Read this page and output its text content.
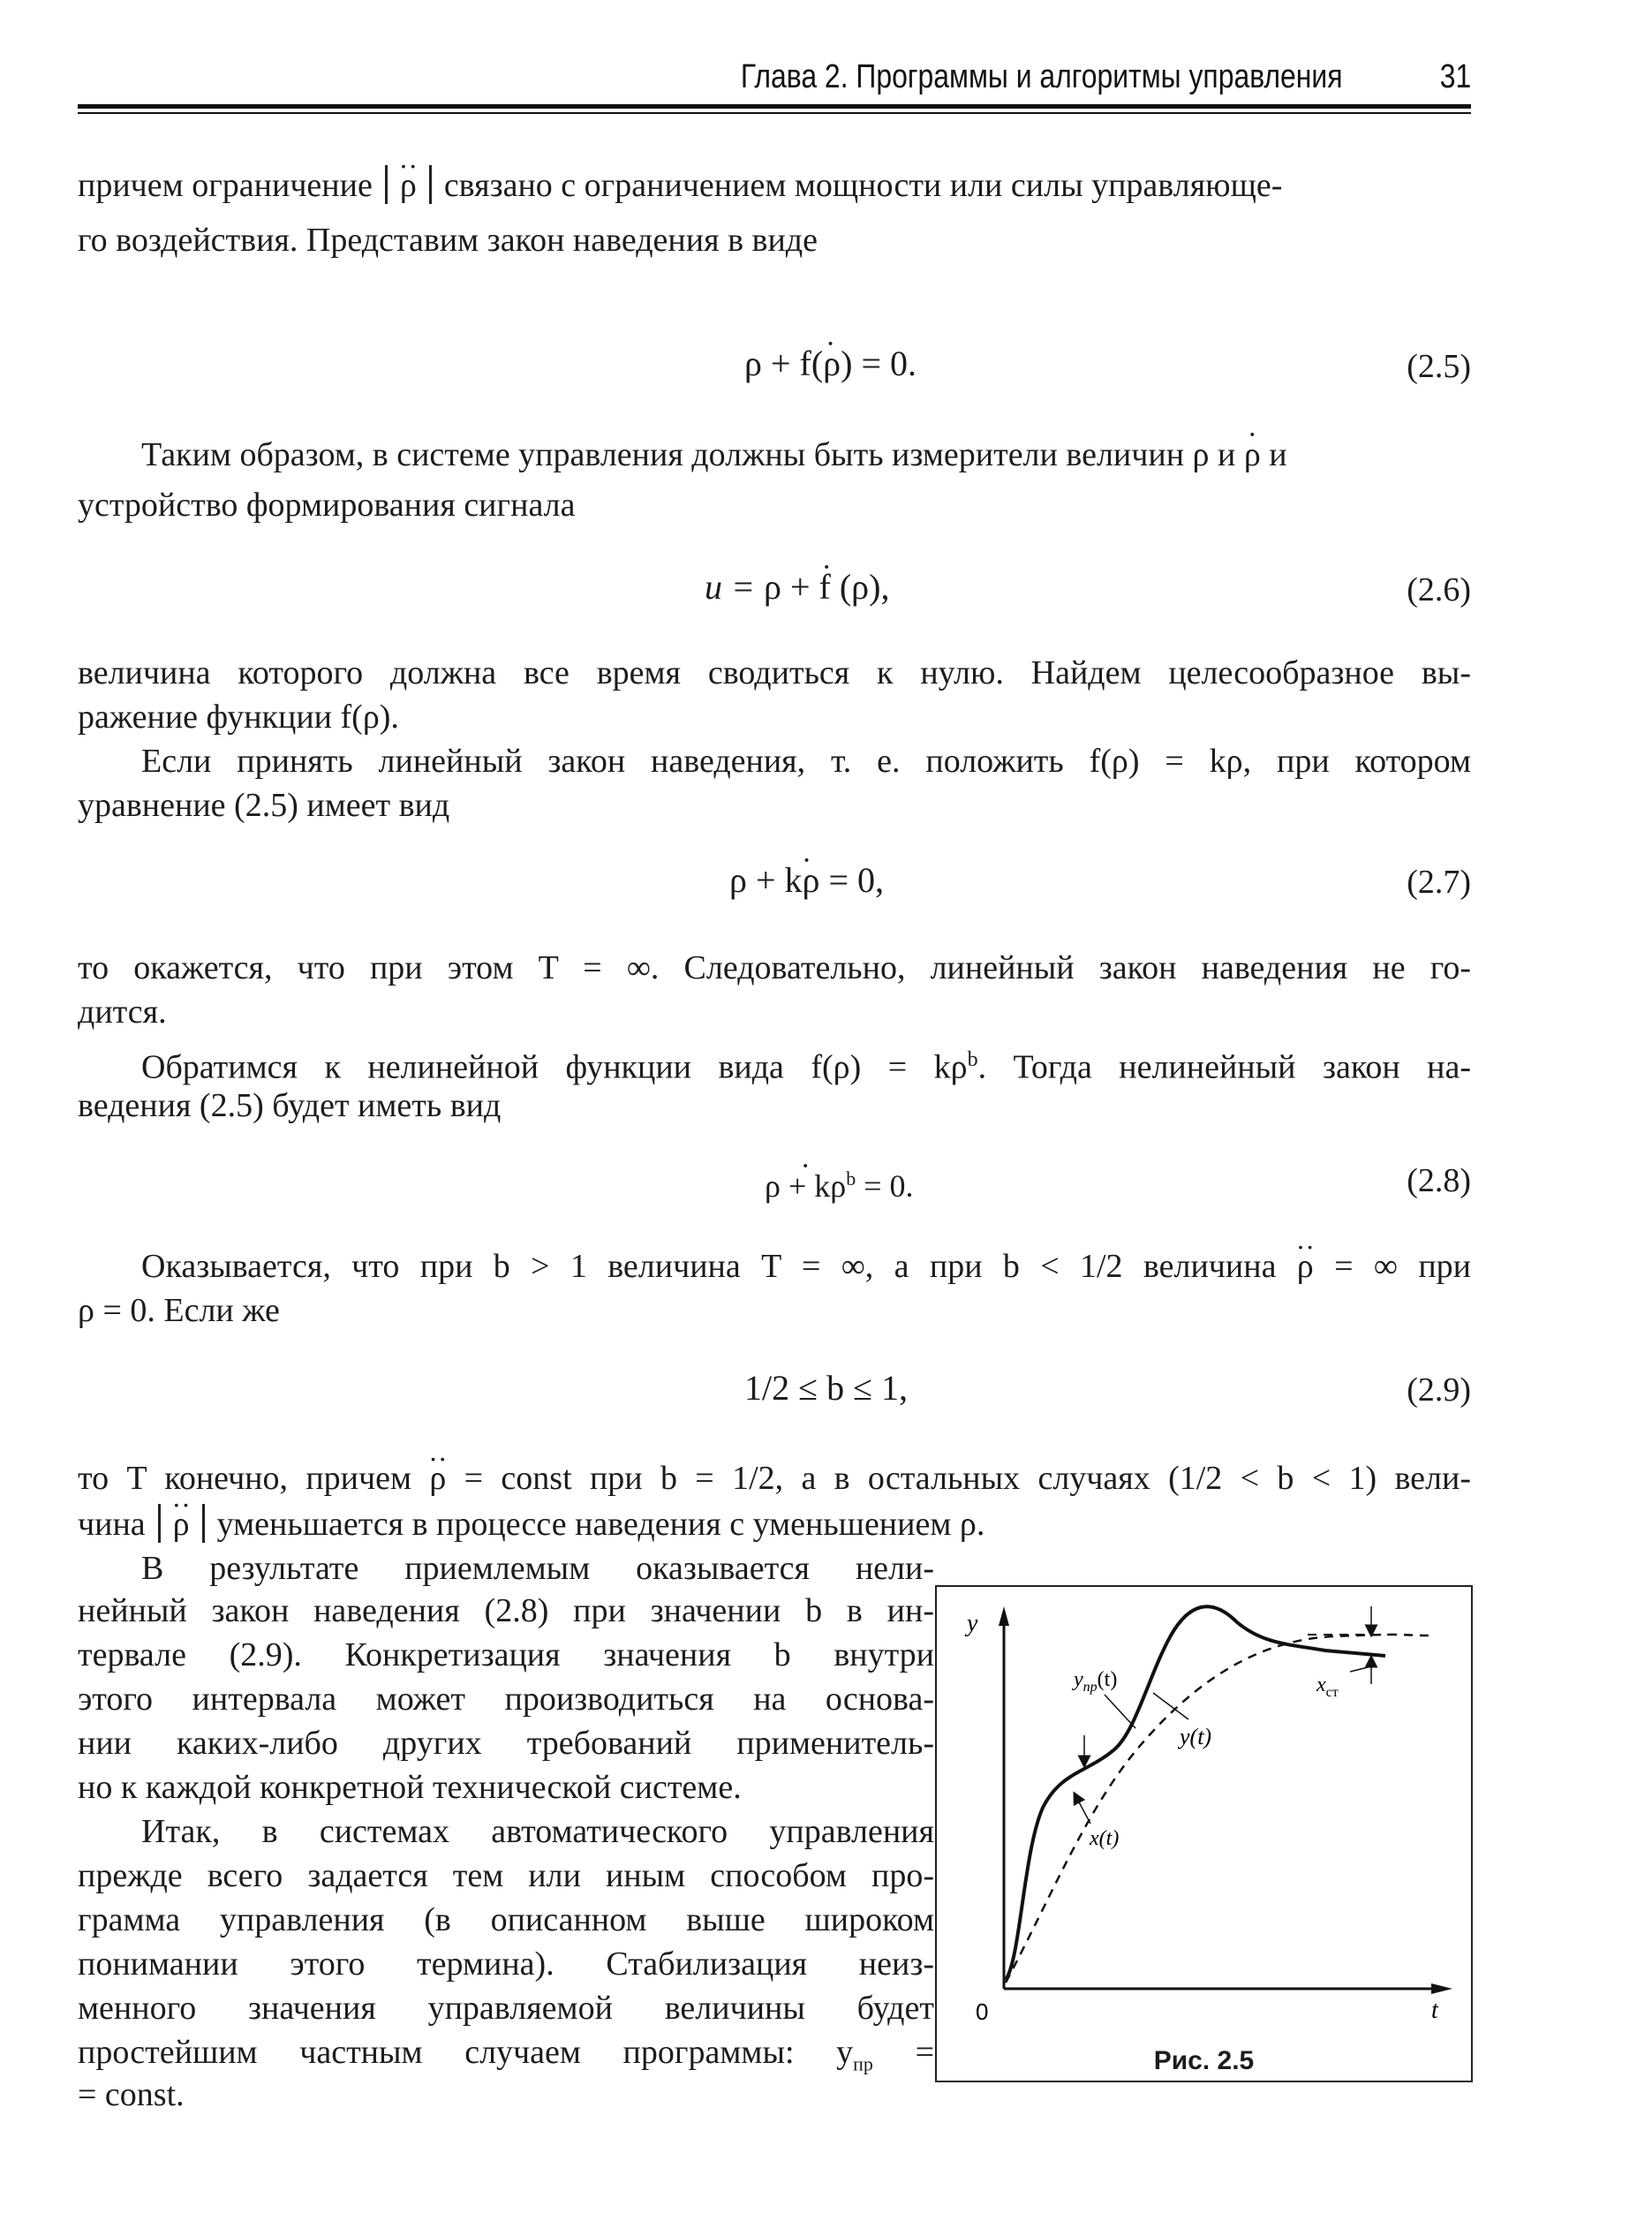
Глава 2. Программы и алгоритмы управления	31
причем ограничение ·· ρ связано с ограничением мощности или силы управляюще-
го воздействия. Представим закон наведения в виде
· ρ + f(ρ) = 0.	(2.5)
Таким образом, в системе управления должны быть измерители величин ρ и · ρ и
устройство формирования сигнала
u = · ρ + f (ρ),	(2.6)
величина которого должна все время сводиться к нулю. Найдем целесообразное вы-
ражение функции f(ρ).
Если принять линейный закон наведения, т. е. положить f(ρ) = kρ, при котором
уравнение (2.5) имеет вид
· ρ + kρ = 0,	(2.7)
то окажется, что при этом T = ∞. Следовательно, линейный закон наведения не го-
дится.
Обратимся к нелинейной функции вида $f(\rho) = k\rho^b$. Тогда нелинейный закон на-
ведения (2.5) будет иметь вид
· $\rho + k\rho^b = 0$.	(2.8)
Оказывается, что при b > 1 величина T = ∞, а при b < 1/2 величина ·· ρ = ∞ при
ρ = 0. Если же
1/2 ≤ b ≤ 1,	(2.9)
то T конечно, причем ·· ρ = const при b = 1/2, а в остальных случаях (1/2 < b < 1) вели-
чина ·· ρ уменьшается в процессе наведения с уменьшением ρ.
В результате приемлемым оказывается нели-
нейный закон наведения (2.8) при значении b в ин-
тервале (2.9). Конкретизация значения b внутри
этого интервала может производиться на основа-
нии каких-либо других требований применитель-
но к каждой конкретной технической системе.
Итак, в системах автоматического управления
прежде всего задается тем или иным способом про-
грамма управления (в описанном выше широком
понимании этого термина). Стабилизация неиз-
менного значения управляемой величины будет
простейшим частным случаем программы: $y_{пр}$ =
= const.
y
t
0
$y_{пр}(t)$
y(t)
x(t)
$x_{ст}$
Рис. 2.5
